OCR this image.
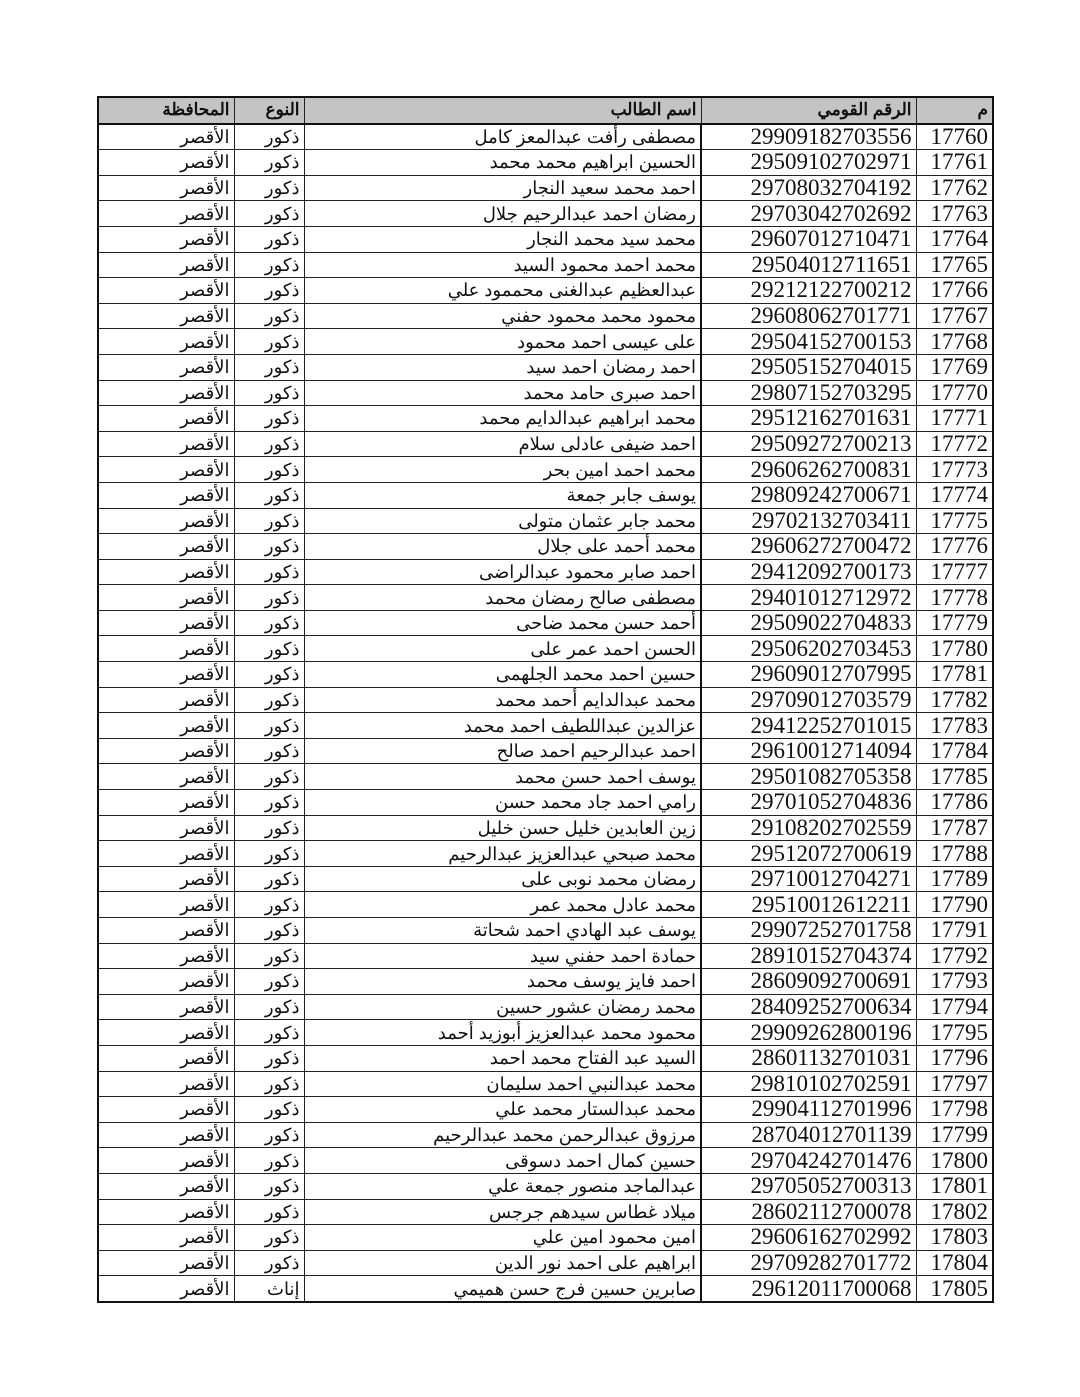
م	الرقم القومي	اسم الطالب	النوع	المحافظة
17760	29909182703556	مصطفى رأفت عبدالمعز كامل	ذكور	الأقصر
17761	29509102702971	الحسين ابراهيم محمد محمد	ذكور	الأقصر
17762	29708032704192	احمد محمد سعيد النجار	ذكور	الأقصر
17763	29703042702692	رمضان احمد عبدالرحيم جلال	ذكور	الأقصر
17764	29607012710471	محمد سيد محمد النجار	ذكور	الأقصر
17765	29504012711651	محمد احمد محمود السيد	ذكور	الأقصر
17766	29212122700212	عبدالعظيم عبدالغنى محممود علي	ذكور	الأقصر
17767	29608062701771	محمود محمد محمود حفني	ذكور	الأقصر
17768	29504152700153	على عيسى احمد محمود	ذكور	الأقصر
17769	29505152704015	احمد رمضان احمد سيد	ذكور	الأقصر
17770	29807152703295	احمد صبرى حامد محمد	ذكور	الأقصر
17771	29512162701631	محمد ابراهيم عبدالدايم محمد	ذكور	الأقصر
17772	29509272700213	احمد ضيفى عادلى سلام	ذكور	الأقصر
17773	29606262700831	محمد احمد امين بحر	ذكور	الأقصر
17774	29809242700671	يوسف جابر جمعة	ذكور	الأقصر
17775	29702132703411	محمد جابر عثمان متولى	ذكور	الأقصر
17776	29606272700472	محمد أحمد على جلال	ذكور	الأقصر
17777	29412092700173	احمد صابر محمود عبدالراضى	ذكور	الأقصر
17778	29401012712972	مصطفى صالح رمضان محمد	ذكور	الأقصر
17779	29509022704833	أحمد حسن محمد ضاحى	ذكور	الأقصر
17780	29506202703453	الحسن احمد عمر على	ذكور	الأقصر
17781	29609012707995	حسين احمد محمد الجلهمى	ذكور	الأقصر
17782	29709012703579	محمد عبدالدايم أحمد محمد	ذكور	الأقصر
17783	29412252701015	عزالدين عبداللطيف احمد محمد	ذكور	الأقصر
17784	29610012714094	احمد عبدالرحيم احمد صالح	ذكور	الأقصر
17785	29501082705358	يوسف احمد حسن محمد	ذكور	الأقصر
17786	29701052704836	رامي احمد جاد محمد حسن	ذكور	الأقصر
17787	29108202702559	زين العابدين خليل حسن خليل	ذكور	الأقصر
17788	29512072700619	محمد صبحي عبدالعزيز عبدالرحيم	ذكور	الأقصر
17789	29710012704271	رمضان محمد نوبى على	ذكور	الأقصر
17790	29510012612211	محمد عادل محمد عمر	ذكور	الأقصر
17791	29907252701758	يوسف عبد الهادي احمد شحاتة	ذكور	الأقصر
17792	28910152704374	حمادة احمد حفني سيد	ذكور	الأقصر
17793	28609092700691	احمد فايز يوسف محمد	ذكور	الأقصر
17794	28409252700634	محمد رمضان عشور حسين	ذكور	الأقصر
17795	29909262800196	محمود محمد عبدالعزيز أبوزيد أحمد	ذكور	الأقصر
17796	28601132701031	السيد عبد الفتاح محمد احمد	ذكور	الأقصر
17797	29810102702591	محمد عبدالنبي احمد سليمان	ذكور	الأقصر
17798	29904112701996	محمد عبدالستار محمد علي	ذكور	الأقصر
17799	28704012701139	مرزوق عبدالرحمن محمد عبدالرحيم	ذكور	الأقصر
17800	29704242701476	حسين كمال احمد دسوقى	ذكور	الأقصر
17801	29705052700313	عبدالماجد منصور جمعة علي	ذكور	الأقصر
17802	28602112700078	ميلاد غطاس سيدهم جرجس	ذكور	الأقصر
17803	29606162702992	امين محمود امين علي	ذكور	الأقصر
17804	29709282701772	ابراهيم على احمد نور الدين	ذكور	الأقصر
17805	29612011700068	صابرين حسين فرج حسن هميمي	إناث	الأقصر
